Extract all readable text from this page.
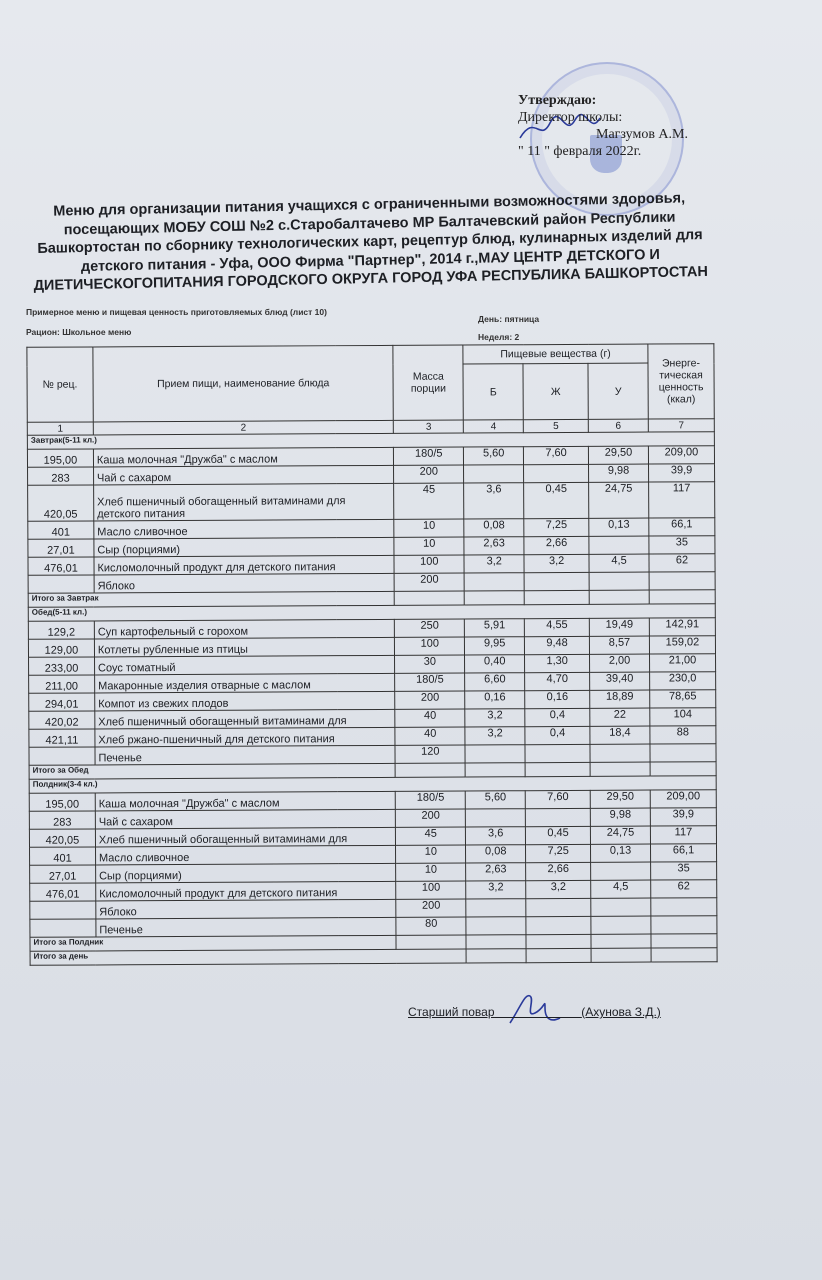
Утверждаю:
Директор школы:
Магзумов А.М.
" 11 " февраля 2022г.
Меню для организации питания учащихся с ограниченными возможностями здоровья, посещающих МОБУ СОШ №2 с.Старобалтачево МР Балтачевский район Республики Башкортостан по сборнику технологических карт, рецептур блюд, кулинарных изделий для детского питания - Уфа, ООО Фирма "Партнер", 2014 г.,МАУ ЦЕНТР ДЕТСКОГО И ДИЕТИЧЕСКОГОПИТАНИЯ ГОРОДСКОГО ОКРУГА ГОРОД УФА РЕСПУБЛИКА БАШКОРТОСТАН
Примерное меню и пищевая ценность приготовляемых блюд (лист 10)
День: пятница
Рацион: Школьное меню	Неделя: 2
№ рец.	Прием пищи, наименование блюда	Масса порции	Пищевые вещества (г)			Энерге-тическая ценность (ккал)
			Б	Ж	У	
1	2	3	4	5	6	7
Завтрак(5-11 кл.)						
195,00	Каша молочная "Дружба" с маслом	180/5	5,60	7,60	29,50	209,00
283	Чай с сахаром	200			9,98	39,9
420,05	Хлеб пшеничный обогащенный витаминами для детского питания	45	3,6	0,45	24,75	117
401	Масло сливочное	10	0,08	7,25	0,13	66,1
27,01	Сыр (порциями)	10	2,63	2,66		35
476,01	Кисломолочный продукт для детского питания	100	3,2	3,2	4,5	62
	Яблоко	200				
Итого за Завтрак						
Обед(5-11 кл.)						
129,2	Суп картофельный с горохом	250	5,91	4,55	19,49	142,91
129,00	Котлеты рубленные из птицы	100	9,95	9,48	8,57	159,02
233,00	Соус томатный	30	0,40	1,30	2,00	21,00
211,00	Макаронные изделия отварные с маслом	180/5	6,60	4,70	39,40	230,0
294,01	Компот из свежих плодов	200	0,16	0,16	18,89	78,65
420,02	Хлеб пшеничный обогащенный витаминами для	40	3,2	0,4	22	104
421,11	Хлеб ржано-пшеничный для детского питания	40	3,2	0,4	18,4	88
	Печенье	120				
Итого за Обед						
Полдник(3-4 кл.)						
195,00	Каша молочная "Дружба" с маслом	180/5	5,60	7,60	29,50	209,00
283	Чай с сахаром	200			9,98	39,9
420,05	Хлеб пшеничный обогащенный витаминами для	45	3,6	0,45	24,75	117
401	Масло сливочное	10	0,08	7,25	0,13	66,1
27,01	Сыр (порциями)	10	2,63	2,66		35
476,01	Кисломолочный продукт для детского питания	100	3,2	3,2	4,5	62
	Яблоко	200				
	Печенье	80				
Итого за Полдник						
Итого за день						
Старший повар	(Ахунова З.Д.)
